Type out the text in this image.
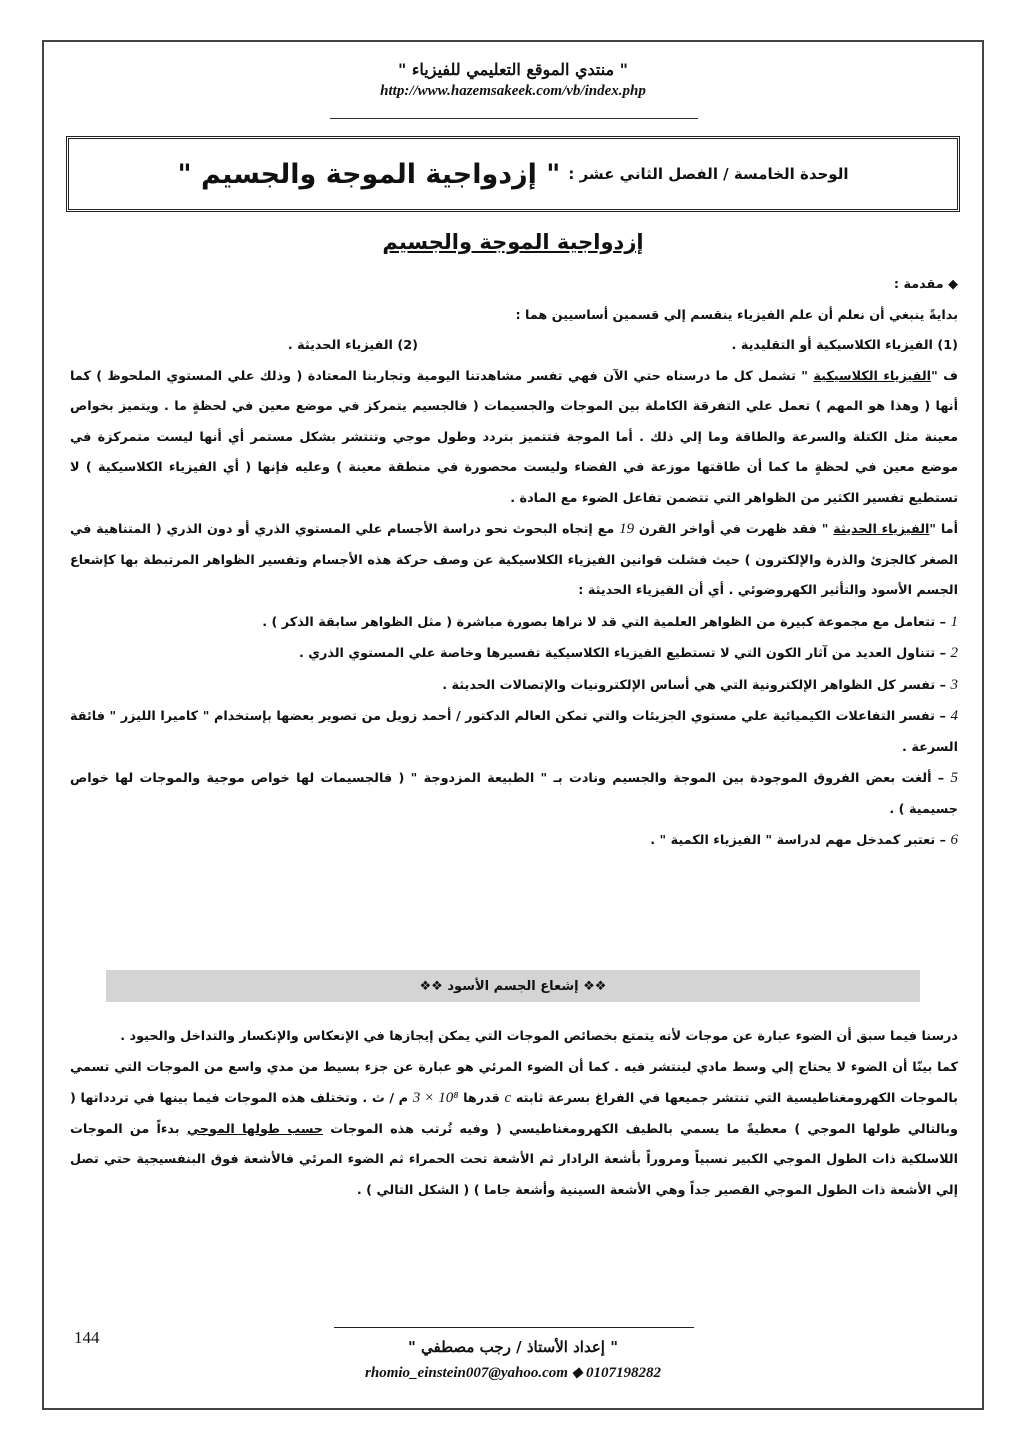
" منتدي الموقع التعليمي للفيزياء "
http://www.hazemsakeek.com/vb/index.php
الوحدة الخامسة / الفصل الثاني عشر :
" إزدواجية الموجة والجسيم "
إزدواجية الموجة والجسيم

◆ مقدمة :

بدايةً ينبغي أن نعلم أن علم الفيزياء ينقسم إلي قسمين أساسيين هما :

(1) الفيزياء الكلاسيكية أو التقليدية .
(2) الفيزياء الحديثة .

ف "الفيزياء الكلاسيكية " تشمل كل ما درسناه حتي الآن فهي تفسر مشاهدتنا اليومية وتجاربنا المعتادة ( وذلك علي المستوي الملحوظ ) كما أنها ( وهذا هو المهم ) تعمل علي التفرقة الكاملة بين الموجات والجسيمات ( فالجسيم يتمركز في موضع معين في لحظةٍ ما . ويتميز بخواص معينة مثل الكتلة والسرعة والطاقة وما إلي ذلك . أما الموجة فتتميز بتردد وطول موجي وتنتشر بشكل مستمر أي أنها ليست متمركزة في موضع معين في لحظةٍ ما كما أن طاقتها موزعة في الفضاء وليست محصورة في منطقة معينة ) وعليه فإنها ( أي الفيزياء الكلاسيكية ) لا تستطيع تفسير الكثير من الظواهر التي تتضمن تفاعل الضوء مع المادة .

أما "الفيزياء الحديثة " فقد ظهرت في أواخر القرن 19 مع إتجاه البحوث نحو دراسة الأجسام علي المستوي الذري أو دون الذري ( المتناهية في الصغر كالجزئ والذرة والإلكترون ) حيث فشلت قوانين الفيزياء الكلاسيكية عن وصف حركة هذه الأجسام وتفسير الظواهر المرتبطة بها كإشعاع الجسم الأسود والتأثير الكهروضوئي . أي أن الفيزياء الحديثة :

1 – تتعامل مع مجموعة كبيرة من الظواهر العلمية التي قد لا نراها بصورة مباشرة ( مثل الظواهر سابقة الذكر ) .

2 – تتناول العديد من آثار الكون التي لا تستطيع الفيزياء الكلاسيكية تفسيرها وخاصة علي المستوي الذري .

3 – تفسر كل الظواهر الإلكترونية التي هي أساس الإلكترونيات والإتصالات الحديثة .

4 – تفسر التفاعلات الكيميائية علي مستوي الجزيئات والتي تمكن العالم الدكتور / أحمد زويل من تصوير بعضها بإستخدام " كاميرا الليزر " فائقة السرعة .

5 – ألغت بعض الفروق الموجودة بين الموجة والجسيم ونادت بـ " الطبيعة المزدوجة " ( فالجسيمات لها خواص موجية والموجات لها خواص جسيمية ) .

6 – تعتبر كمدخل مهم لدراسة " الفيزياء الكمية " .

❖❖ إشعاع الجسم الأسود ❖❖

درسنا فيما سبق أن الضوء عبارة عن موجات لأنه يتمتع بخصائص الموجات التي يمكن إيجازها في الإنعكاس والإنكسار والتداخل والحيود .

كما بينّا أن الضوء لا يحتاج إلي وسط مادي لينتشر فيه . كما أن الضوء المرئي هو عبارة عن جزء بسيط من مدي واسع من الموجات التي تسمي بالموجات الكهرومغناطيسية التي تنتشر جميعها في الفراغ بسرعة ثابته c قدرها 3 × 10⁸ م / ث . وتختلف هذه الموجات فيما بينها في تردداتها ( وبالتالي طولها الموجي ) معطيةً ما يسمي بالطيف الكهرومغناطيسي ( وفيه تُرتب هذه الموجات حسب طولها الموجي بدءاً من الموجات اللاسلكية ذات الطول الموجي الكبير نسبياً ومروراً بأشعة الرادار ثم الأشعة تحت الحمراء ثم الضوء المرئي فالأشعة فوق البنفسيجية حتي تصل إلي الأشعة ذات الطول الموجي القصير جداً وهي الأشعة السينية وأشعة جاما ) ( الشكل التالي ) .

144	" إعداد الأستاذ / رجب مصطفي "
rhomio_einstein007@yahoo.com ⬥ 0107198282
